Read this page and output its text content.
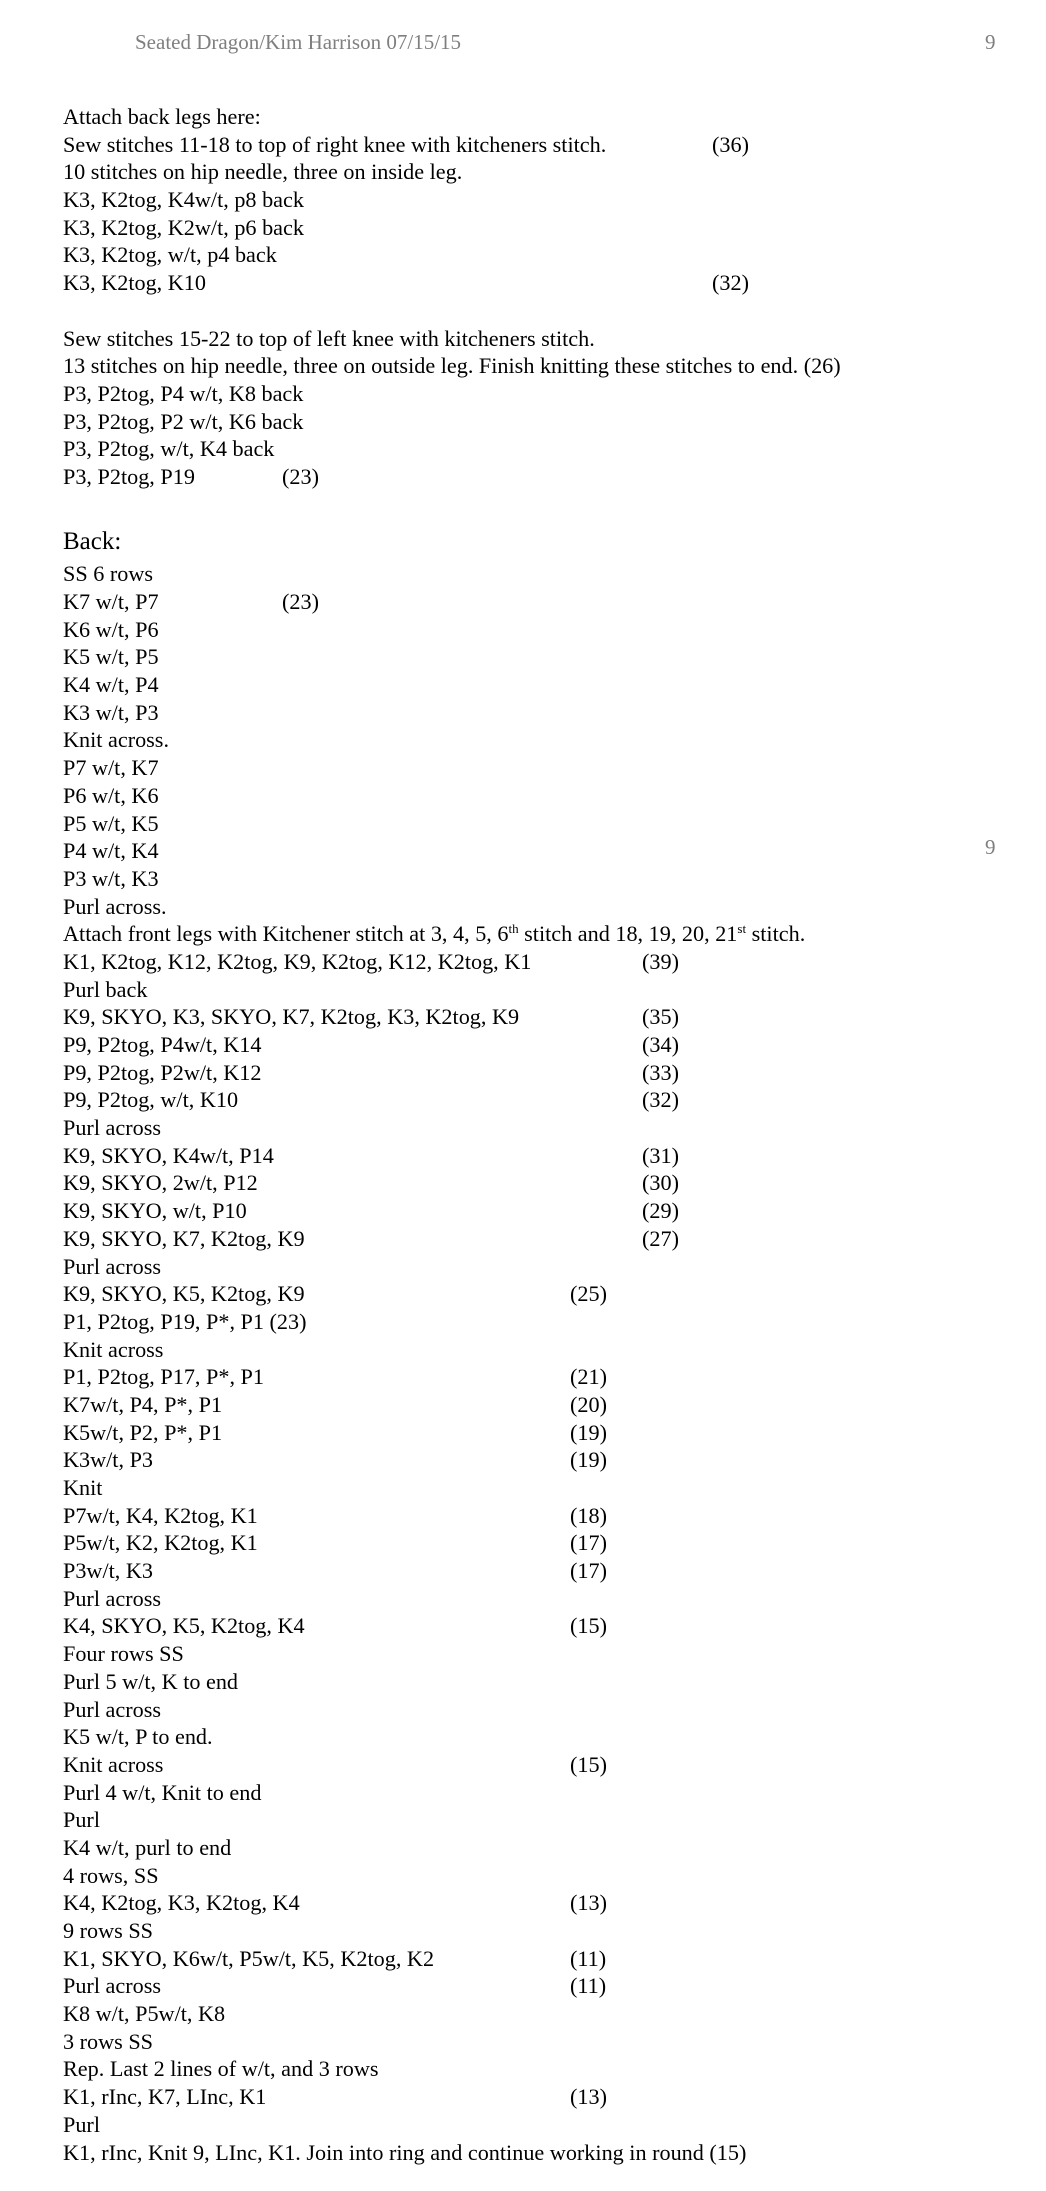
Seated Dragon/Kim Harrison 07/15/15	9
9
Attach back legs here:
Sew stitches 11-18 to top of right knee with kitcheners stitch.	(36)
10 stitches on hip needle, three on inside leg.
K3, K2tog, K4w/t, p8 back
K3, K2tog, K2w/t, p6 back
K3, K2tog, w/t, p4 back
K3, K2tog, K10	(32)
Sew stitches 15-22 to top of left knee with kitcheners stitch.
13 stitches on hip needle, three on outside leg. Finish knitting these stitches to end. (26)
P3, P2tog, P4 w/t, K8 back
P3, P2tog, P2 w/t, K6 back
P3, P2tog, w/t, K4 back
P3, P2tog, P19	(23)
Back:
SS 6 rows
K7 w/t, P7	(23)
K6 w/t, P6
K5 w/t, P5
K4 w/t, P4
K3 w/t, P3
Knit across.
P7 w/t, K7
P6 w/t, K6
P5 w/t, K5
P4 w/t, K4
P3 w/t, K3
Purl across.
Attach front legs with Kitchener stitch at 3, 4, 5, 6th stitch and 18, 19, 20, 21st stitch.
K1, K2tog, K12, K2tog, K9, K2tog, K12, K2tog, K1	(39)
Purl back
K9, SKYO, K3, SKYO, K7, K2tog, K3, K2tog, K9	(35)
P9, P2tog, P4w/t, K14	(34)
P9, P2tog, P2w/t, K12	(33)
P9, P2tog, w/t, K10	(32)
Purl across
K9, SKYO, K4w/t, P14	(31)
K9, SKYO, 2w/t, P12	(30)
K9, SKYO, w/t, P10	(29)
K9, SKYO, K7, K2tog, K9	(27)
Purl across
K9, SKYO, K5, K2tog, K9	(25)
P1, P2tog, P19, P*, P1 (23)
Knit across
P1, P2tog, P17, P*, P1	(21)
K7w/t, P4, P*, P1	(20)
K5w/t, P2, P*, P1	(19)
K3w/t, P3	(19)
Knit
P7w/t, K4, K2tog, K1	(18)
P5w/t, K2, K2tog, K1	(17)
P3w/t, K3	(17)
Purl across
K4, SKYO, K5, K2tog, K4	(15)
Four rows SS
Purl 5 w/t, K to end
Purl across
K5 w/t, P to end.
Knit across	(15)
Purl 4 w/t, Knit to end
Purl
K4 w/t, purl to end
4 rows, SS
K4, K2tog, K3, K2tog, K4	(13)
9 rows SS
K1, SKYO, K6w/t, P5w/t, K5, K2tog, K2	(11)
Purl across	(11)
K8 w/t, P5w/t, K8
3 rows SS
Rep. Last 2 lines of w/t, and 3 rows
K1, rInc, K7, LInc, K1	(13)
Purl
K1, rInc, Knit 9, LInc, K1. Join into ring and continue working in round (15)
